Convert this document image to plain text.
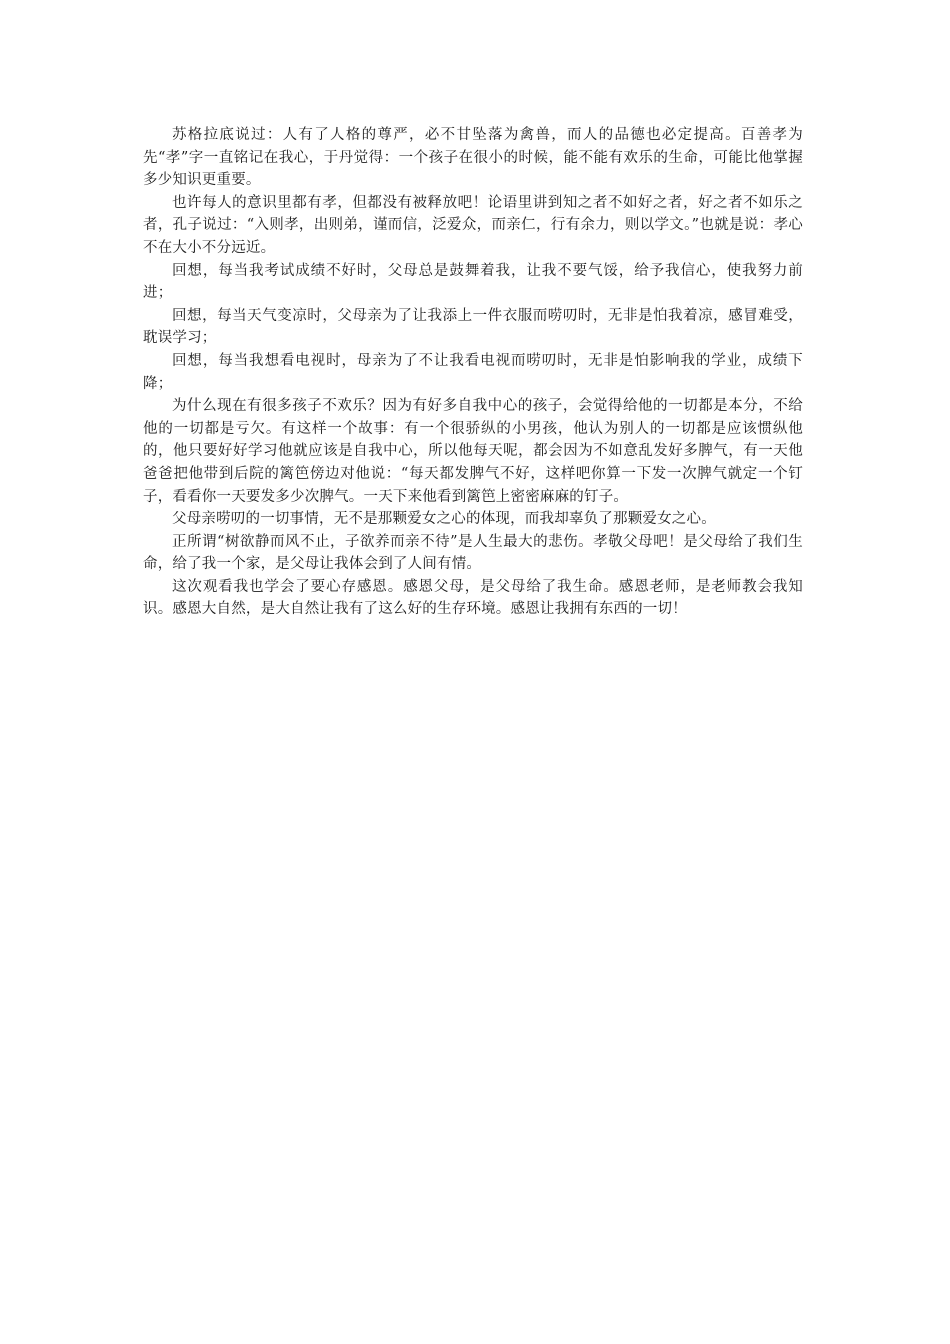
苏格拉底说过：人有了人格的尊严，必不甘坠落为禽兽，而人的品德也必定提高。百善孝为先“孝”字一直铭记在我心，于丹觉得：一个孩子在很小的时候，能不能有欢乐的生命，可能比他掌握多少知识更重要。

也许每人的意识里都有孝，但都没有被释放吧！论语里讲到知之者不如好之者，好之者不如乐之者，孔子说过：“入则孝，出则弟，谨而信，泛爱众，而亲仁，行有余力，则以学文。”也就是说：孝心不在大小不分远近。

回想，每当我考试成绩不好时，父母总是鼓舞着我，让我不要气馁，给予我信心，使我努力前进；

回想，每当天气变凉时，父母亲为了让我添上一件衣服而唠叨时，无非是怕我着凉，感冒难受，耽误学习；

回想，每当我想看电视时，母亲为了不让我看电视而唠叨时，无非是怕影响我的学业，成绩下降；

为什么现在有很多孩子不欢乐？因为有好多自我中心的孩子，会觉得给他的一切都是本分，不给他的一切都是亏欠。有这样一个故事：有一个很骄纵的小男孩，他认为别人的一切都是应该惯纵他的，他只要好好学习他就应该是自我中心，所以他每天呢，都会因为不如意乱发好多脾气，有一天他爸爸把他带到后院的篱笆傍边对他说：“每天都发脾气不好，这样吧你算一下发一次脾气就定一个钉子，看看你一天要发多少次脾气。一天下来他看到篱笆上密密麻麻的钉子。

父母亲唠叨的一切事情，无不是那颗爱女之心的体现，而我却辜负了那颗爱女之心。

正所谓“树欲静而风不止，子欲养而亲不待”是人生最大的悲伤。孝敬父母吧！是父母给了我们生命，给了我一个家，是父母让我体会到了人间有情。

这次观看我也学会了要心存感恩。感恩父母，是父母给了我生命。感恩老师，是老师教会我知识。感恩大自然，是大自然让我有了这么好的生存环境。感恩让我拥有东西的一切！
